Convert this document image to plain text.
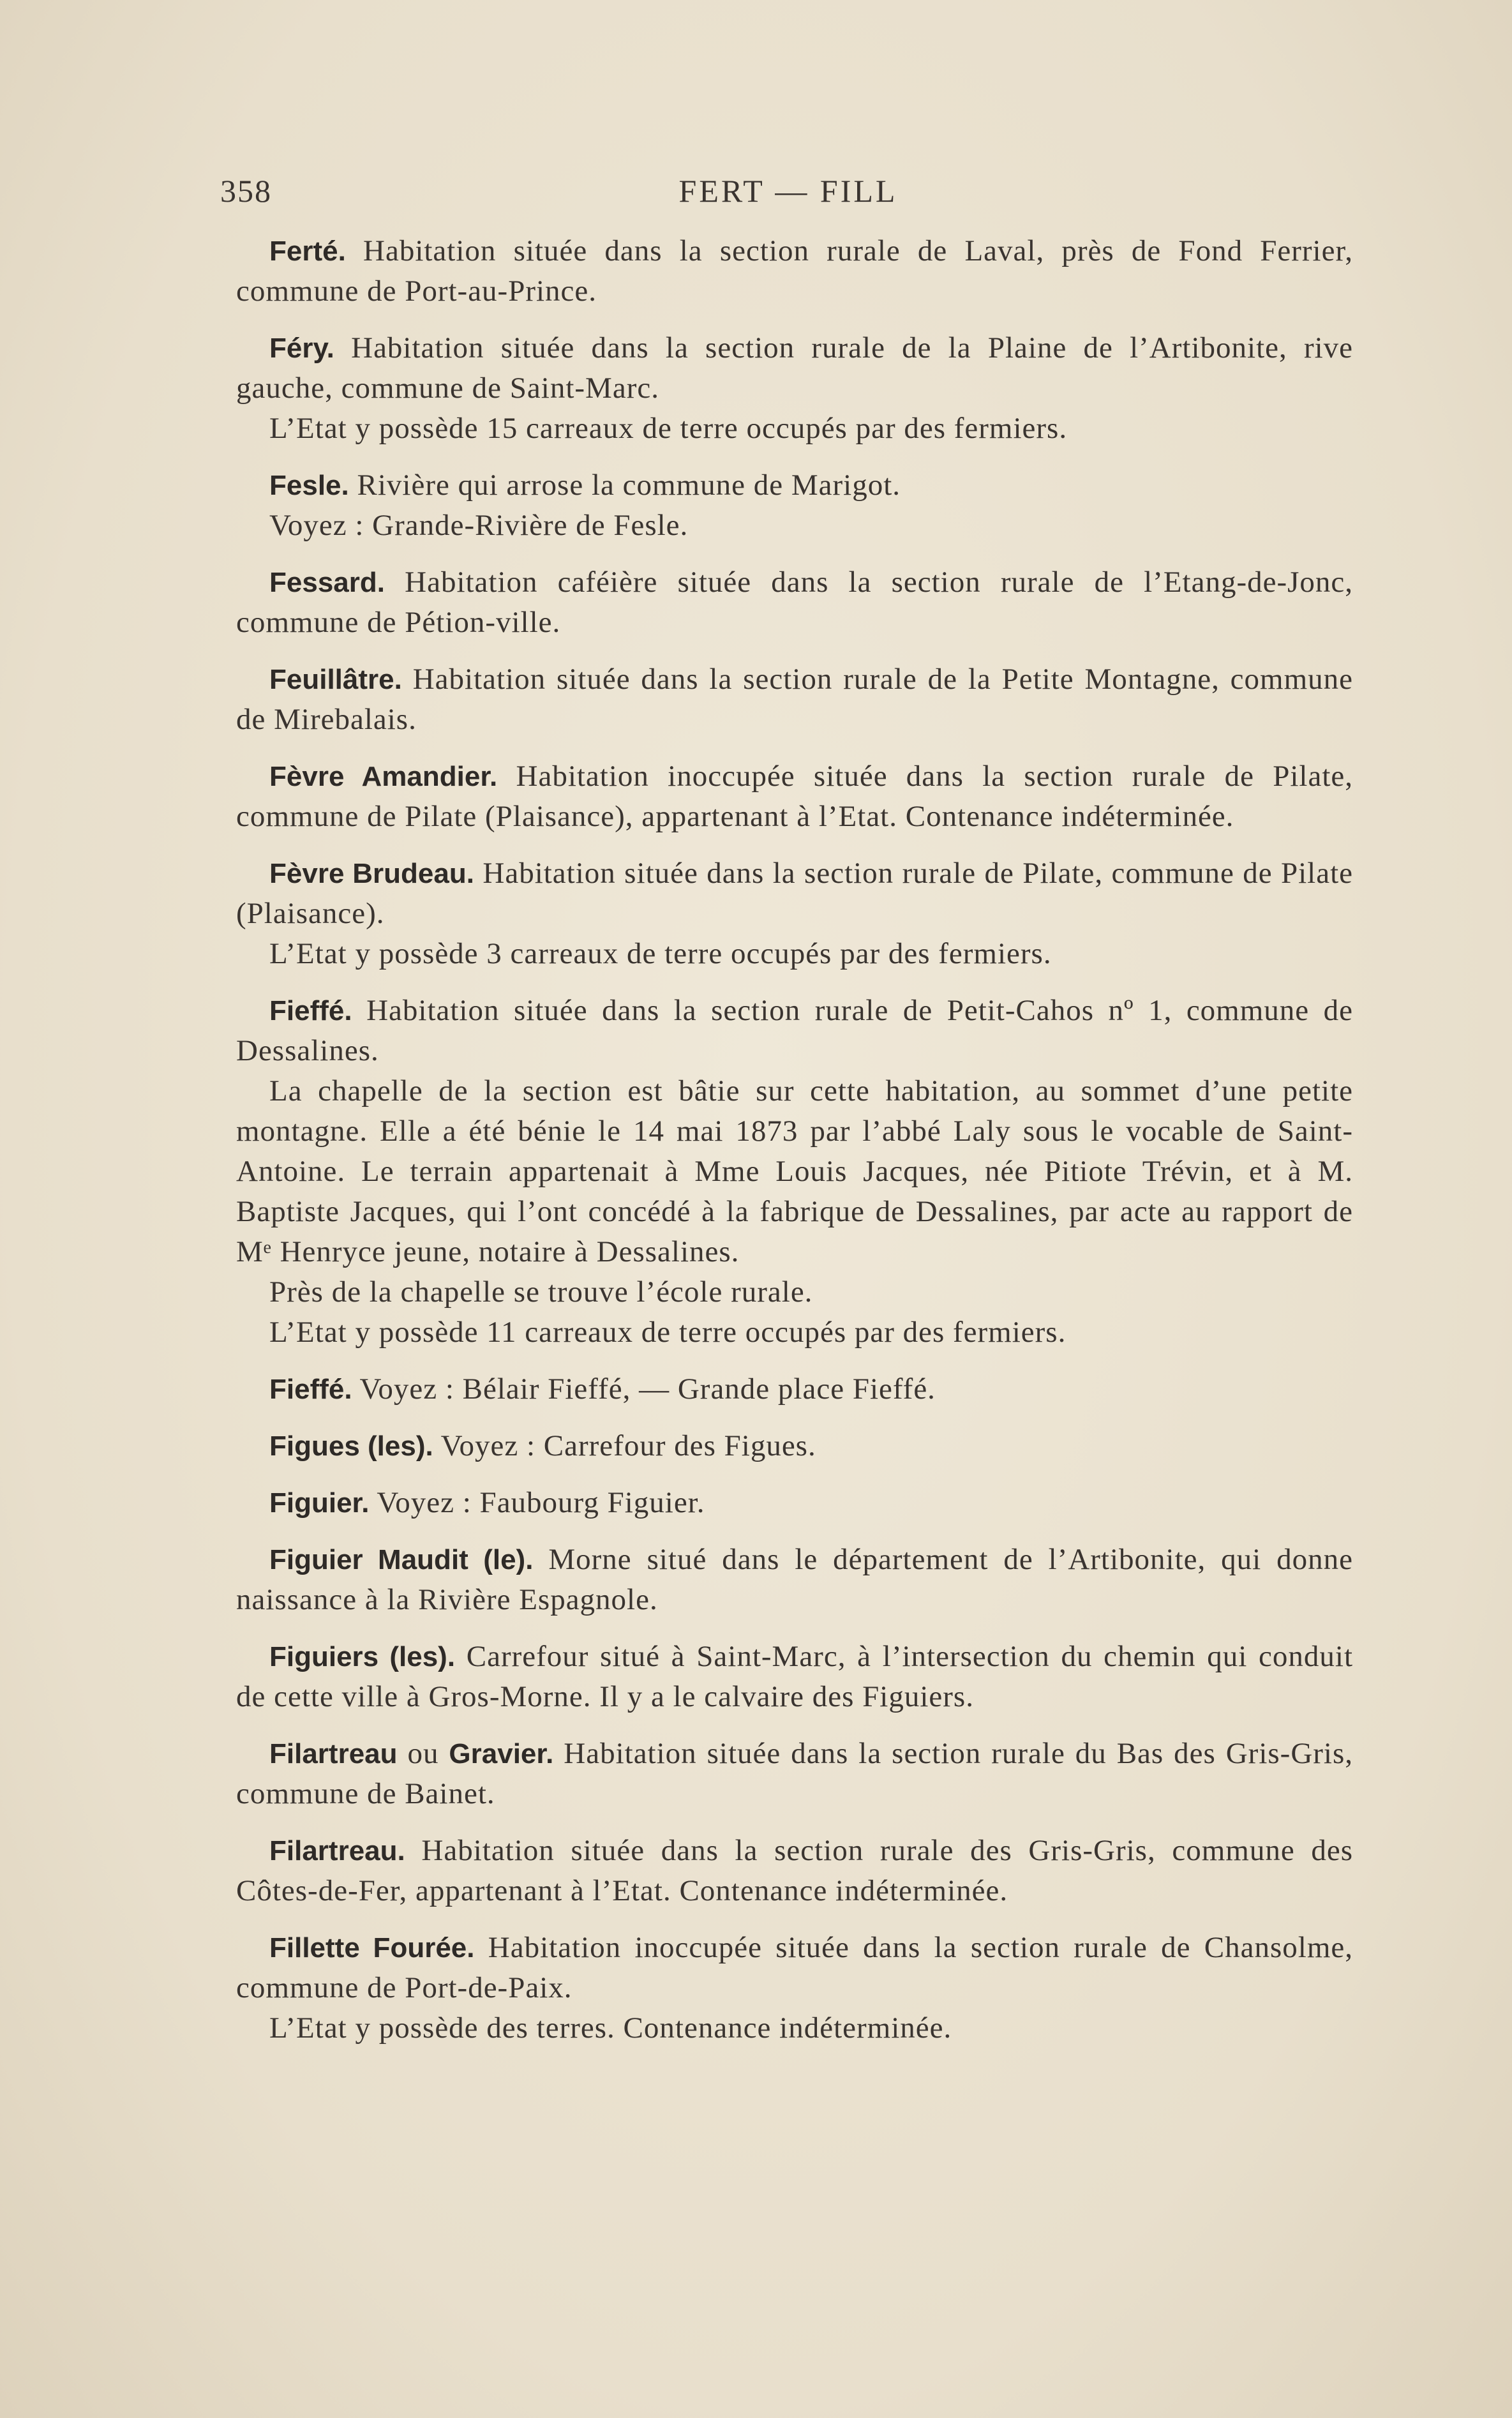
358	FERT — FILL

Ferté. Habitation située dans la section rurale de Laval, près de Fond Ferrier, commune de Port-au-Prince.

Féry. Habitation située dans la section rurale de la Plaine de l’Artibonite, rive gauche, commune de Saint-Marc.

L’Etat y possède 15 carreaux de terre occupés par des fermiers.

Fesle. Rivière qui arrose la commune de Marigot.

Voyez : Grande-Rivière de Fesle.

Fessard. Habitation caféière située dans la section rurale de l’Etang-de-Jonc, commune de Pétion-ville.

Feuillâtre. Habitation située dans la section rurale de la Petite Montagne, commune de Mirebalais.

Fèvre Amandier. Habitation inoccupée située dans la section rurale de Pilate, commune de Pilate (Plaisance), appartenant à l’Etat. Contenance indéterminée.

Fèvre Brudeau. Habitation située dans la section rurale de Pilate, commune de Pilate (Plaisance).

L’Etat y possède 3 carreaux de terre occupés par des fermiers.

Fieffé. Habitation située dans la section rurale de Petit-Cahos nº 1, commune de Dessalines.

La chapelle de la section est bâtie sur cette habitation, au sommet d’une petite montagne. Elle a été bénie le 14 mai 1873 par l’abbé Laly sous le vocable de Saint-Antoine. Le terrain appartenait à Mme Louis Jacques, née Pitiote Trévin, et à M. Baptiste Jacques, qui l’ont concédé à la fabrique de Dessalines, par acte au rapport de Mᵉ Henryce jeune, notaire à Dessalines.

Près de la chapelle se trouve l’école rurale.

L’Etat y possède 11 carreaux de terre occupés par des fermiers.

Fieffé. Voyez : Bélair Fieffé, — Grande place Fieffé.

Figues (les). Voyez : Carrefour des Figues.

Figuier. Voyez : Faubourg Figuier.

Figuier Maudit (le). Morne situé dans le département de l’Artibonite, qui donne naissance à la Rivière Espagnole.

Figuiers (les). Carrefour situé à Saint-Marc, à l’intersection du chemin qui conduit de cette ville à Gros-Morne. Il y a le calvaire des Figuiers.

Filartreau ou Gravier. Habitation située dans la section rurale du Bas des Gris-Gris, commune de Bainet.

Filartreau. Habitation située dans la section rurale des Gris-Gris, commune des Côtes-de-Fer, appartenant à l’Etat. Contenance indéterminée.

Fillette Fourée. Habitation inoccupée située dans la section rurale de Chansolme, commune de Port-de-Paix.

L’Etat y possède des terres. Contenance indéterminée.
